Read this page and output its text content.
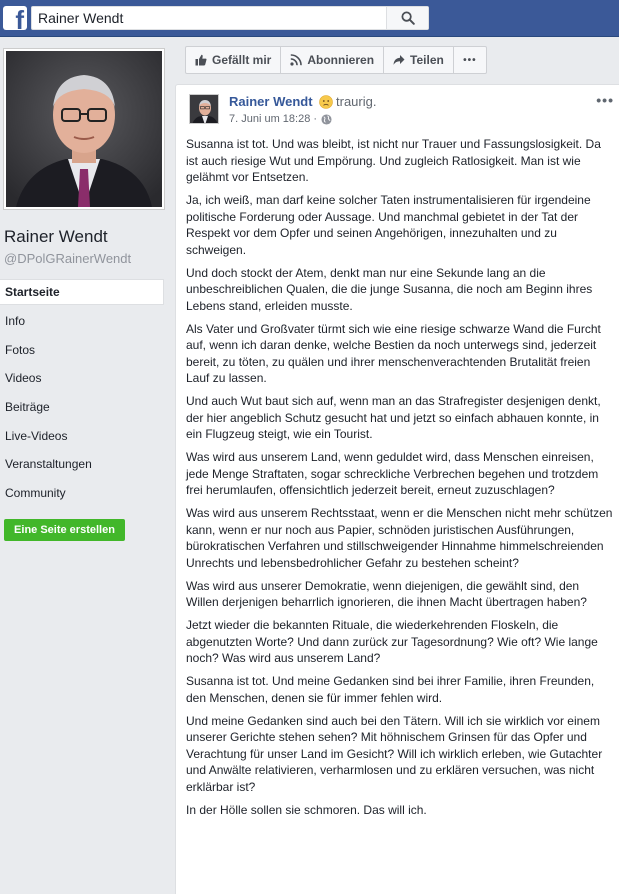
f
Rainer Wendt
Rainer Wendt
@DPolGRainerWendt
Startseite
Info
Fotos
Videos
Beiträge
Live-Videos
Veranstaltungen
Community
Eine Seite erstellen
Gefällt mir	Abonnieren	Teilen •••
Rainer Wendt traurig.
7. Juni um 18:28 ·
•••

Susanna ist tot. Und was bleibt, ist nicht nur Trauer und Fassungslosigkeit. Da ist auch riesige Wut und Empörung. Und zugleich Ratlosigkeit. Man ist wie gelähmt vor Entsetzen.

Ja, ich weiß, man darf keine solcher Taten instrumentalisieren für irgendeine politische Forderung oder Aussage. Und manchmal gebietet in der Tat der Respekt vor dem Opfer und seinen Angehörigen, innezuhalten und zu schweigen.

Und doch stockt der Atem, denkt man nur eine Sekunde lang an die unbeschreiblichen Qualen, die die junge Susanna, die noch am Beginn ihres Lebens stand, erleiden musste.

Als Vater und Großvater türmt sich wie eine riesige schwarze Wand die Furcht auf, wenn ich daran denke, welche Bestien da noch unterwegs sind, jederzeit bereit, zu töten, zu quälen und ihrer menschenverachtenden Brutalität freien Lauf zu lassen.

Und auch Wut baut sich auf, wenn man an das Strafregister desjenigen denkt, der hier angeblich Schutz gesucht hat und jetzt so einfach abhauen konnte, in ein Flugzeug steigt, wie ein Tourist.

Was wird aus unserem Land, wenn geduldet wird, dass Menschen einreisen, jede Menge Straftaten, sogar schreckliche Verbrechen begehen und trotzdem frei herumlaufen, offensichtlich jederzeit bereit, erneut zuzuschlagen?

Was wird aus unserem Rechtsstaat, wenn er die Menschen nicht mehr schützen kann, wenn er nur noch aus Papier, schnöden juristischen Ausführungen, bürokratischen Verfahren und stillschweigender Hinnahme himmelschreienden Unrechts und lebensbedrohlicher Gefahr zu bestehen scheint?

Was wird aus unserer Demokratie, wenn diejenigen, die gewählt sind, den Willen derjenigen beharrlich ignorieren, die ihnen Macht übertragen haben?

Jetzt wieder die bekannten Rituale, die wiederkehrenden Floskeln, die abgenutzten Worte? Und dann zurück zur Tagesordnung? Wie oft? Wie lange noch? Was wird aus unserem Land?

Susanna ist tot. Und meine Gedanken sind bei ihrer Familie, ihren Freunden, den Menschen, denen sie für immer fehlen wird.

Und meine Gedanken sind auch bei den Tätern. Will ich sie wirklich vor einem unserer Gerichte stehen sehen? Mit höhnischem Grinsen für das Opfer und Verachtung für unser Land im Gesicht? Will ich wirklich erleben, wie Gutachter und Anwälte relativieren, verharmlosen und zu erklären versuchen, was nicht erklärbar ist?

In der Hölle sollen sie schmoren. Das will ich.
